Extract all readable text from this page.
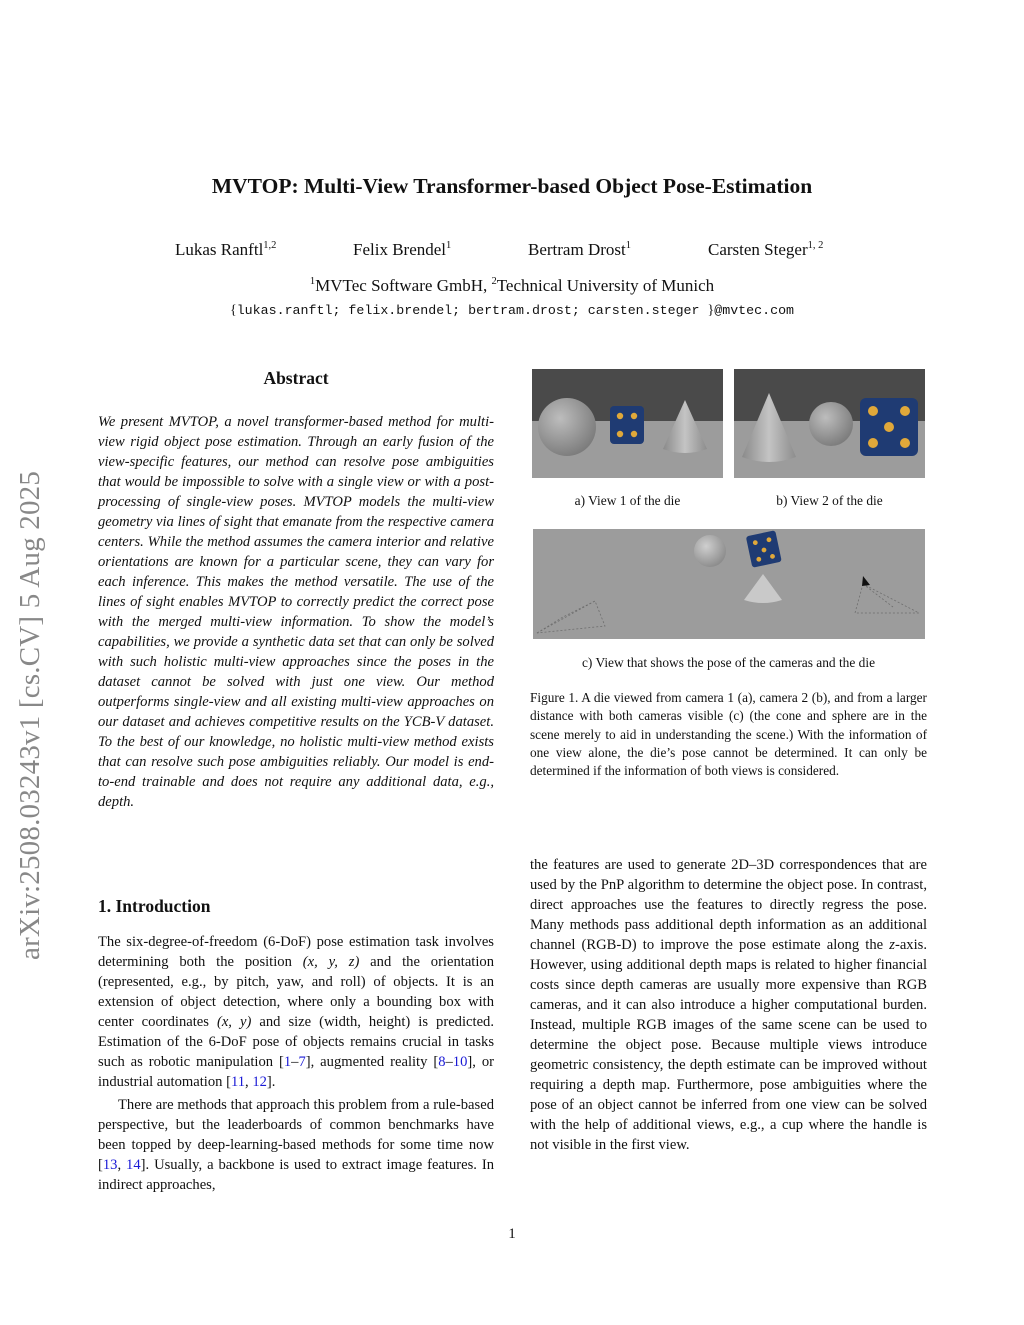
MVTOP: Multi-View Transformer-based Object Pose-Estimation
Lukas Ranftl$^{1,2}$	Felix Brendel$^1$	Bertram Drost$^1$	Carsten Steger$^{1, 2}$
$^1$MVTec Software GmbH, $^2$Technical University of Munich
{lukas.ranftl; felix.brendel; bertram.drost; carsten.steger }@mvtec.com
arXiv:2508.03243v1 [cs.CV] 5 Aug 2025
Abstract

We present MVTOP, a novel transformer-based method for multi-view rigid object pose estimation. Through an early fusion of the view-specific features, our method can resolve pose ambiguities that would be impossible to solve with a single view or with a post-processing of single-view poses. MVTOP models the multi-view geometry via lines of sight that emanate from the respective camera centers. While the method assumes the camera interior and relative orientations are known for a particular scene, they can vary for each inference. This makes the method versatile. The use of the lines of sight enables MVTOP to correctly predict the correct pose with the merged multi-view information. To show the model’s capabilities, we provide a synthetic data set that can only be solved with such holistic multi-view approaches since the poses in the dataset cannot be solved with just one view. Our method outperforms single-view and all existing multi-view approaches on our dataset and achieves competitive results on the YCB-V dataset. To the best of our knowledge, no holistic multi-view method exists that can resolve such pose ambiguities reliably. Our model is end-to-end trainable and does not require any additional data, e.g., depth.

1. Introduction

The six-degree-of-freedom (6-DoF) pose estimation task involves determining both the position (x, y, z) and the orientation (represented, e.g., by pitch, yaw, and roll) of objects. It is an extension of object detection, where only a bounding box with center coordinates (x, y) and size (width, height) is predicted. Estimation of the 6-DoF pose of objects remains crucial in tasks such as robotic manipulation [1–7], augmented reality [8–10], or industrial automation [11, 12].

There are methods that approach this problem from a rule-based perspective, but the leaderboards of common benchmarks have been topped by deep-learning-based methods for some time now [13, 14]. Usually, a backbone is used to extract image features. In indirect approaches,

a) View 1 of the die	b) View 2 of the die
c) View that shows the pose of the cameras and the die
Figure 1. A die viewed from camera 1 (a), camera 2 (b), and from a larger distance with both cameras visible (c) (the cone and sphere are in the scene merely to aid in understanding the scene.) With the information of one view alone, the die’s pose cannot be determined. It can only be determined if the information of both views is considered.

the features are used to generate 2D–3D correspondences that are used by the PnP algorithm to determine the object pose. In contrast, direct approaches use the features to directly regress the pose. Many methods pass additional depth information as an additional channel (RGB-D) to improve the pose estimate along the z-axis. However, using additional depth maps is related to higher financial costs since depth cameras are usually more expensive than RGB cameras, and it can also introduce a higher computational burden. Instead, multiple RGB images of the same scene can be used to determine the object pose. Because multiple views introduce geometric consistency, the depth estimate can be improved without requiring a depth map. Furthermore, pose ambiguities where the pose of an object cannot be inferred from one view can be solved with the help of additional views, e.g., a cup where the handle is not visible in the first view.

1
